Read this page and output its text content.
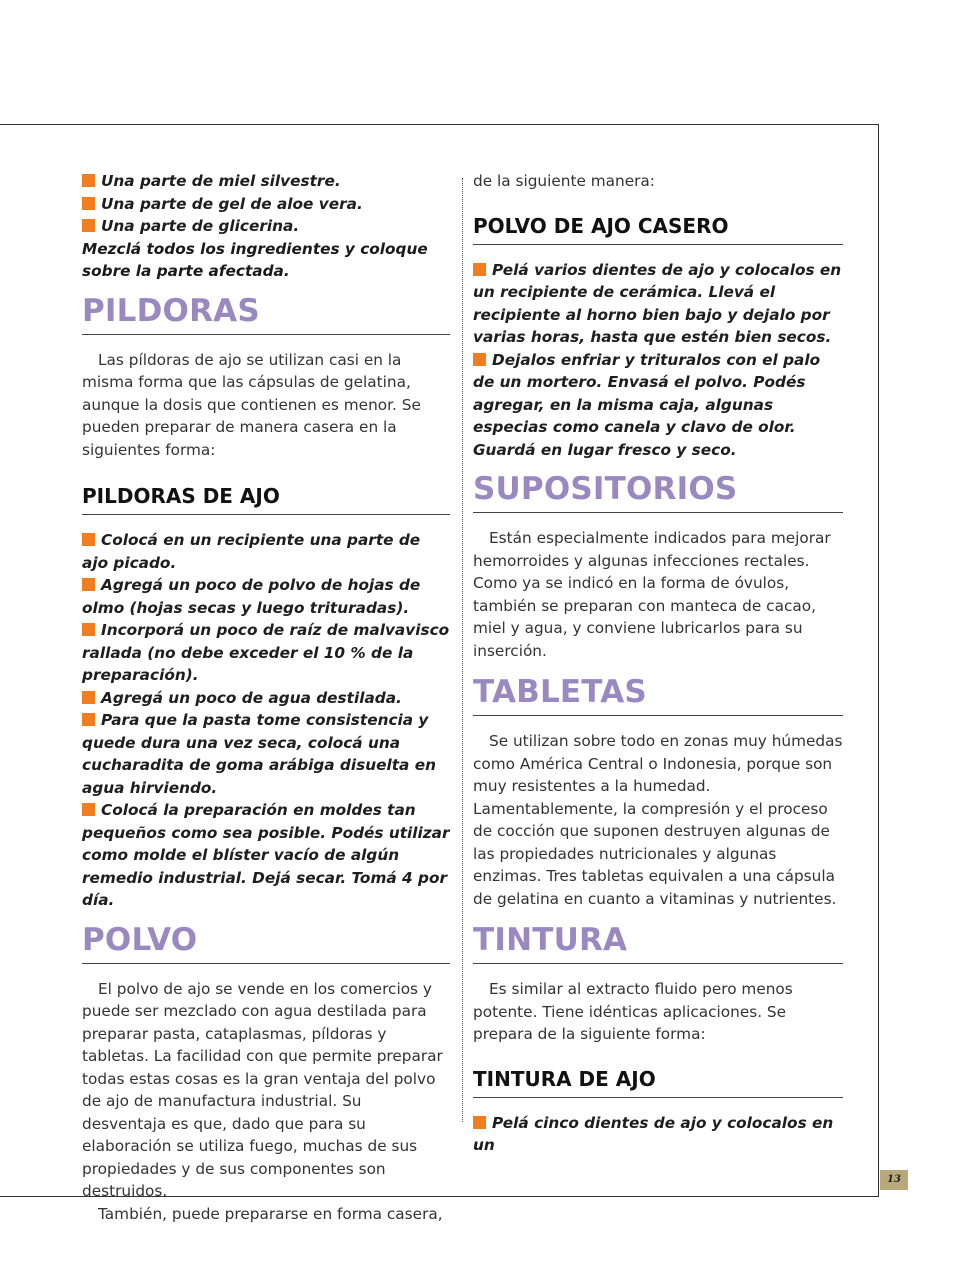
Una parte de miel silvestre.

Una parte de gel de aloe vera.

Una parte de glicerina.

Mezclá todos los ingredientes y coloque sobre la parte afectada.

PILDORAS

Las píldoras de ajo se utilizan casi en la misma forma que las cápsulas de gelatina, aunque la dosis que contienen es menor. Se pueden preparar de manera casera en la siguientes forma:

PILDORAS DE AJO

Colocá en un recipiente una parte de ajo picado.

Agregá un poco de polvo de hojas de olmo (hojas secas y luego trituradas).

Incorporá un poco de raíz de malvavisco rallada (no debe exceder el 10 % de la preparación).

Agregá un poco de agua destilada.

Para que la pasta tome consistencia y quede dura una vez seca, colocá una cucharadita de goma arábiga disuelta en agua hirviendo.

Colocá la preparación en moldes tan pequeños como sea posible. Podés utilizar como molde el blíster vacío de algún remedio industrial. Dejá secar. Tomá 4 por día.

POLVO

El polvo de ajo se vende en los comercios y puede ser mezclado con agua destilada para preparar pasta, cataplasmas, píldoras y tabletas. La facilidad con que permite preparar todas estas cosas es la gran ventaja del polvo de ajo de manufactura industrial. Su desventaja es que, dado que para su elaboración se utiliza fuego, muchas de sus propiedades y de sus componentes son destruidos.

También, puede prepararse en forma casera,

de la siguiente manera:

POLVO DE AJO CASERO

Pelá varios dientes de ajo y colocalos en un recipiente de cerámica. Llevá el recipiente al horno bien bajo y dejalo por varias horas, hasta que estén bien secos.

Dejalos enfriar y trituralos con el palo de un mortero. Envasá el polvo. Podés agregar, en la misma caja, algunas especias como canela y clavo de olor. Guardá en lugar fresco y seco.

SUPOSITORIOS

Están especialmente indicados para mejorar hemorroides y algunas infecciones rectales. Como ya se indicó en la forma de óvulos, también se preparan con manteca de cacao, miel y agua, y conviene lubricarlos para su inserción.

TABLETAS

Se utilizan sobre todo en zonas muy húmedas como América Central o Indonesia, porque son muy resistentes a la humedad. Lamentablemente, la compresión y el proceso de cocción que suponen destruyen algunas de las propiedades nutricionales y algunas enzimas. Tres tabletas equivalen a una cápsula de gelatina en cuanto a vitaminas y nutrientes.

TINTURA

Es similar al extracto fluido pero menos potente. Tiene idénticas aplicaciones. Se prepara de la siguiente forma:

TINTURA DE AJO

Pelá cinco dientes de ajo y colocalos en un

13
